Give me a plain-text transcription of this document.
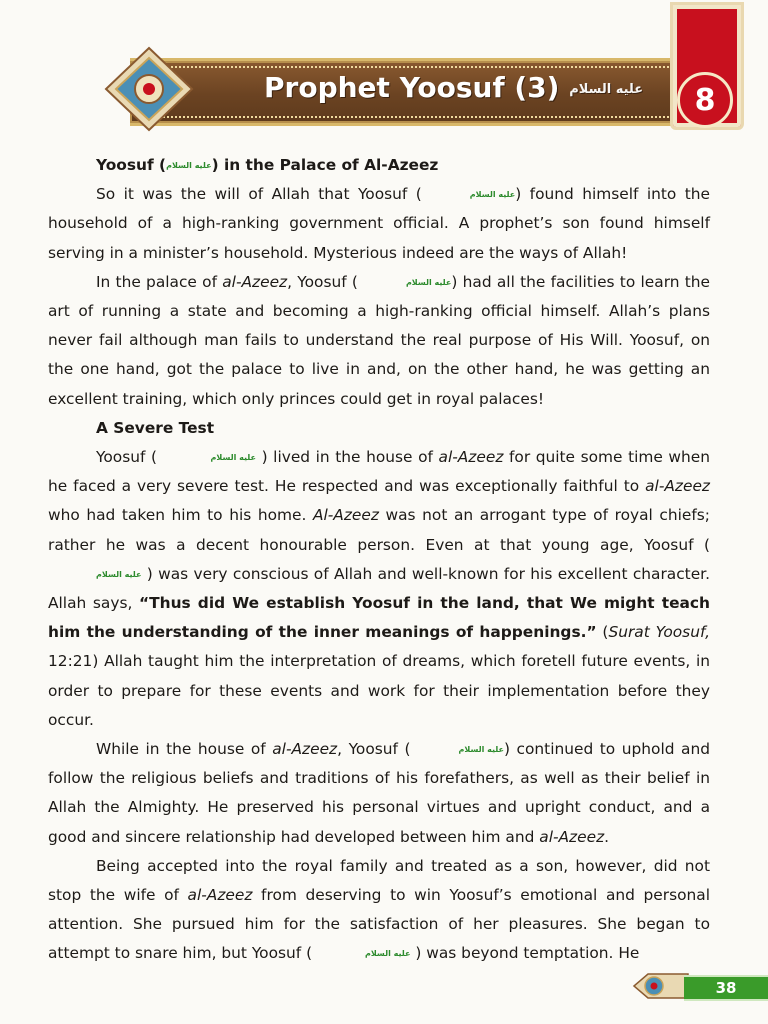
Prophet Yoosuf	عليه السلام (3)	8
Yoosuf (عليه السلام) in the Palace of Al-Azeez

So it was the will of Allah that Yoosuf (	عليه السلام) found himself into the household of a high-ranking government official. A prophet’s son found himself serving in a minister’s household. Mysterious indeed are the ways of Allah!

In the palace of al-Azeez, Yoosuf (	عليه السلام) had all the facilities to learn the art of running a state and becoming a high-ranking official himself. Allah’s plans never fail although man fails to understand the real purpose of His Will. Yoosuf, on the one hand, got the palace to live in and, on the other hand, he was getting an excellent training, which only princes could get in royal palaces!

A Severe Test

Yoosuf (	عليه السلام ) lived in the house of al-Azeez for quite some time when he faced a very severe test. He respected and was exceptionally faithful to al-Azeez who had taken him to his home. Al-Azeez was not an arrogant type of royal chiefs; rather he was a decent honourable person. Even at that young age, Yoosuf ( عليه السلام ) was very conscious of Allah and well-known for his excellent character. Allah says, “Thus did We establish Yoosuf in the land, that We might teach him the understanding of the inner meanings of happenings.” (Surat Yoosuf, 12:21) Allah taught him the interpretation of dreams, which foretell future events, in order to prepare for these events and work for their implementation before they occur.

While in the house of al-Azeez, Yoosuf (	عليه السلام) continued to uphold and follow the religious beliefs and traditions of his forefathers, as well as their belief in Allah the Almighty. He preserved his personal virtues and upright conduct, and a good and sincere relationship had developed between him and al-Azeez.

Being accepted into the royal family and treated as a son, however, did not stop the wife of al-Azeez from deserving to win Yoosuf’s emotional and personal attention. She pursued him for the satisfaction of her pleasures. She began to attempt to snare him, but Yoosuf (	عليه السلام ) was beyond temptation. He

38
